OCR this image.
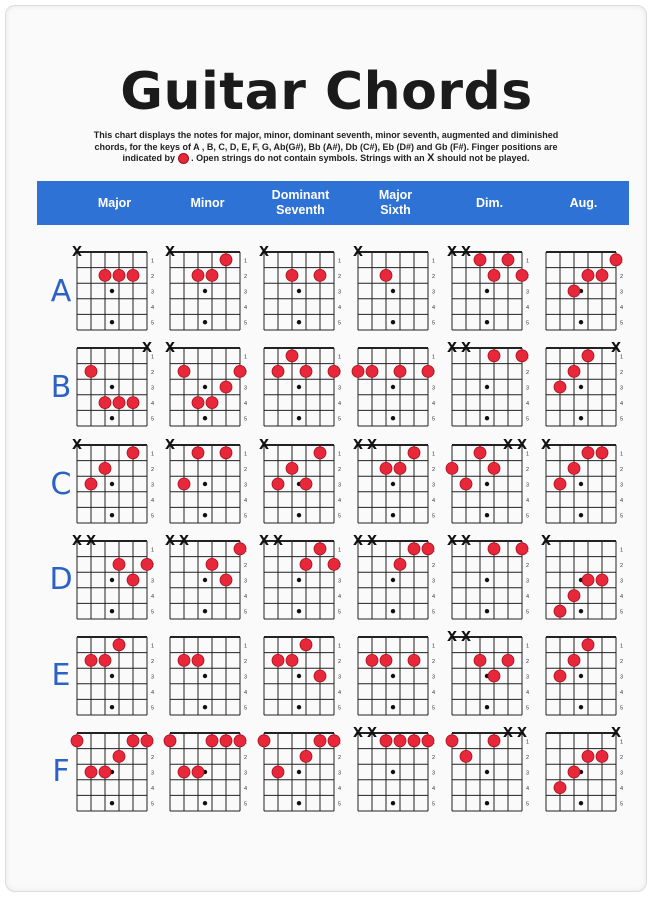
Guitar Chords
This chart displays the notes for major, minor, dominant seventh, minor seventh, augmented and diminished
chords, for the keys of A , B, C, D, E, F, G, Ab(G#), Bb (A#), Db (C#), Eb (D#) and Gb (F#). Finger positions are
indicated by . Open strings do not contain symbols. Strings with an X should not be played.
Major	Minor
Dominant
Seventh
Major
Sixth
Dim.	Aug.
A
B
C
D
E
F
1
2
3
4
5
X
1
2
3
4
5
X
1
2
3
4
5
X
1
2
3
4
5
X
1
3
4
5
X X
2
3
4
5
1
2
3
4
5
X
1
3
4
5
X
1
3
4
5
1
3
4
5
2
3
4
5
X X
1
2
3
4
5
X
1
2
3
4
5
X
1
2
3
4
5
X
1
2
3
4
5
X
1
2
3
4
5
X X
1
2
3
4
5
X X
1
2
3
4
5
X
1
3
4
5
X X
2
3
4
5
X X
1
3
4
5
X X
2
3
4
5
X X
2
3
4
5
X X
1
2
3
4
5
X
1
2
3
4
5
1
2
3
4
5
1
2
3
4
5
1
2
3
4
5
1
2
3
4
5
X X
1
2
3
4
5
2
3
4
5
2
3
4
5
2
3
4
5
2
3
4
5
X X
1
2
3
4
5
X X
1
2
3
4
5
X
